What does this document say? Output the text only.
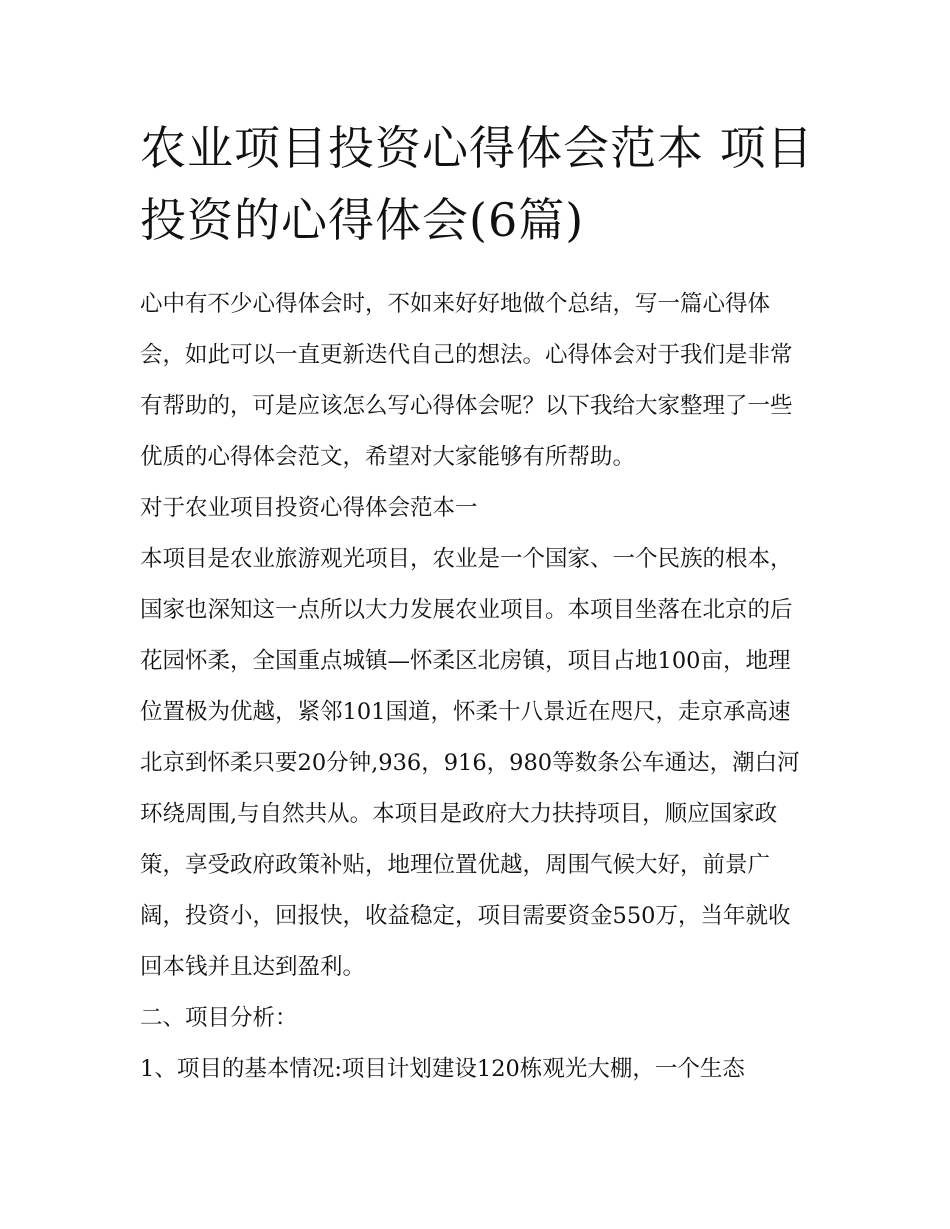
农业项目投资心得体会范本 项目投资的心得体会(6篇)

心中有不少心得体会时，不如来好好地做个总结，写一篇心得体会，如此可以一直更新迭代自己的想法。心得体会对于我们是非常有帮助的，可是应该怎么写心得体会呢？以下我给大家整理了一些优质的心得体会范文，希望对大家能够有所帮助。

对于农业项目投资心得体会范本一

本项目是农业旅游观光项目，农业是一个国家、一个民族的根本，国家也深知这一点所以大力发展农业项目。本项目坐落在北京的后花园怀柔，全国重点城镇—怀柔区北房镇，项目占地100亩，地理位置极为优越，紧邻101国道，怀柔十八景近在咫尺，走京承高速北京到怀柔只要20分钟,936，916，980等数条公车通达，潮白河环绕周围,与自然共从。本项目是政府大力扶持项目，顺应国家政策，享受政府政策补贴，地理位置优越，周围气候大好，前景广阔，投资小，回报快，收益稳定，项目需要资金550万，当年就收回本钱并且达到盈利。

二、项目分析：

1、项目的基本情况:项目计划建设120栋观光大棚，一个生态
